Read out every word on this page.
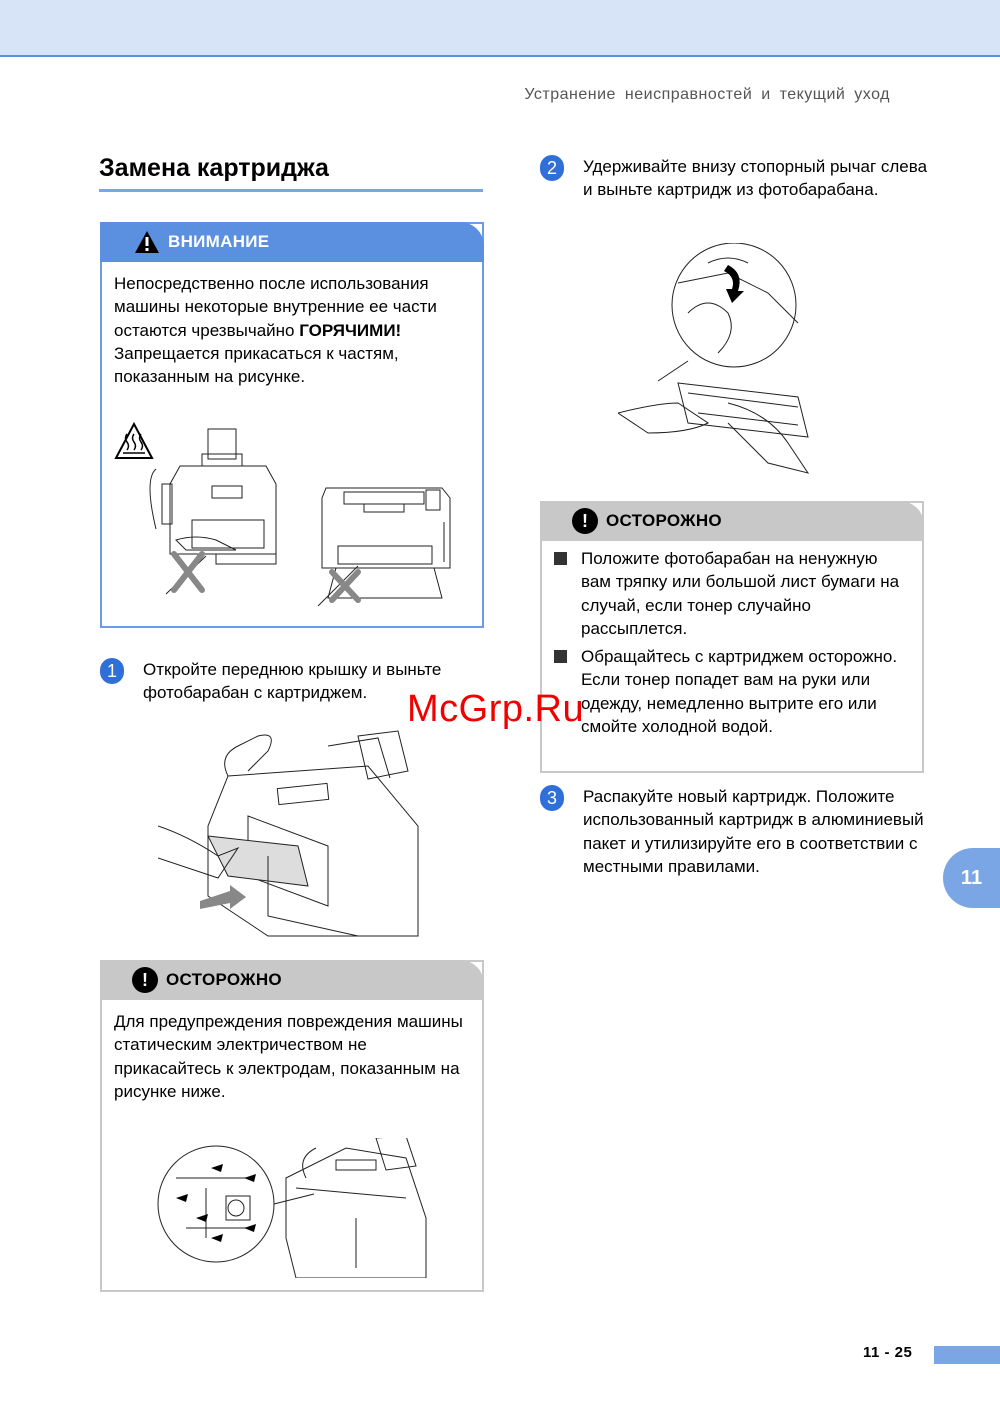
Устранение неисправностей и текущий уход
Замена картриджа
ВНИМАНИЕ
Непосредственно после использования машины некоторые внутренние ее части остаются чрезвычайно ГОРЯЧИМИ! Запрещается прикасаться к частям, показанным на рисунке.
1	Откройте переднюю крышку и выньте фотобарабан с картриджем.
!	ОСТОРОЖНО
Для предупреждения повреждения машины статическим электричеством не прикасайтесь к электродам, показанным на рисунке ниже.
2	Удерживайте внизу стопорный рычаг слева и выньте картридж из фотобарабана.
!	ОСТОРОЖНО
Положите фотобарабан на ненужную вам тряпку или большой лист бумаги на случай, если тонер случайно рассыплется.
Обращайтесь с картриджем осторожно. Если тонер попадет вам на руки или одежду, немедленно вытрите его или смойте холодной водой.
3	Распакуйте новый картридж. Положите использованный картридж в алюминиевый пакет и утилизируйте его в соответствии с местными правилами.
11
11 - 25
McGrp.Ru
